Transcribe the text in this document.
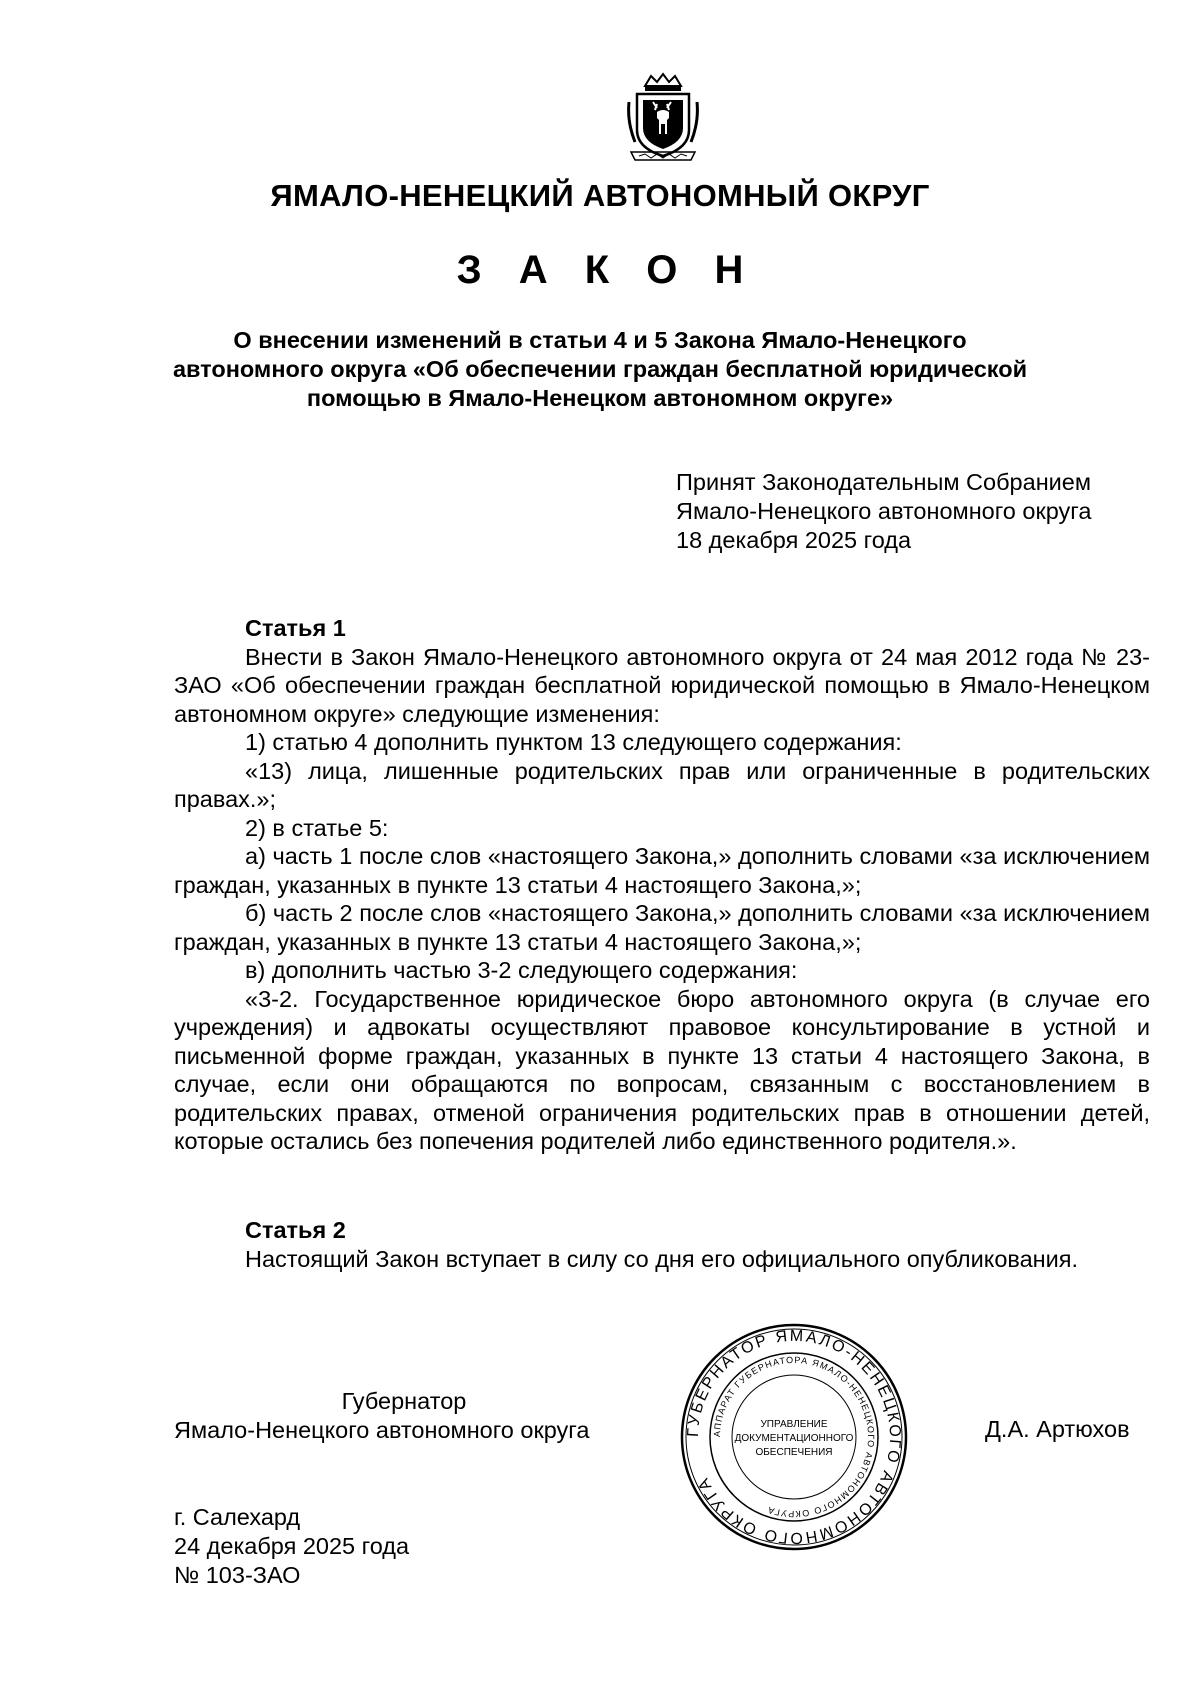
ЯМАЛО-НЕНЕЦКИЙ АВТОНОМНЫЙ ОКРУГ
З А К О Н
О внесении изменений в статьи 4 и 5 Закона Ямало-Ненецкого
автономного округа «Об обеспечении граждан бесплатной юридической
помощью в Ямало-Ненецком автономном округе»
Принят Законодательным Собранием
Ямало-Ненецкого автономного округа
18 декабря 2025 года

Статья 1

Внести в Закон Ямало-Ненецкого автономного округа от 24 мая 2012 года № 23-ЗАО «Об обеспечении граждан бесплатной юридической помощью в Ямало-Ненецком автономном округе» следующие изменения:

1) статью 4 дополнить пунктом 13 следующего содержания:

«13) лица, лишенные родительских прав или ограниченные в родительских правах.»;

2) в статье 5:

а) часть 1 после слов «настоящего Закона,» дополнить словами «за исключением граждан, указанных в пункте 13 статьи 4 настоящего Закона,»;

б) часть 2 после слов «настоящего Закона,» дополнить словами «за исключением граждан, указанных в пункте 13 статьи 4 настоящего Закона,»;

в) дополнить частью 3-2 следующего содержания:

«3-2. Государственное юридическое бюро автономного округа (в случае его учреждения) и адвокаты осуществляют правовое консультирование в устной и письменной форме граждан, указанных в пункте 13 статьи 4 настоящего Закона, в случае, если они обращаются по вопросам, связанным с восстановлением в родительских правах, отменой ограничения родительских прав в отношении детей, которые остались без попечения родителей либо единственного родителя.».

Статья 2

Настоящий Закон вступает в силу со дня его официального опубликования.

Губернатор
Ямало-Ненецкого автономного округа	ГУБЕРНАТОР ЯМАЛО-НЕНЕЦКОГО АВТОНОМНОГО ОКРУГА
АППАРАТ ГУБЕРНАТОРА ЯМАЛО-НЕНЕЦКОГО АВТОНОМНОГО ОКРУГА
УПРАВЛЕНИЕ
ДОКУМЕНТАЦИОННОГО
ОБЕСПЕЧЕНИЯ
Д.А. Артюхов
г. Салехард
24 декабря 2025 года
№ 103-ЗАО
